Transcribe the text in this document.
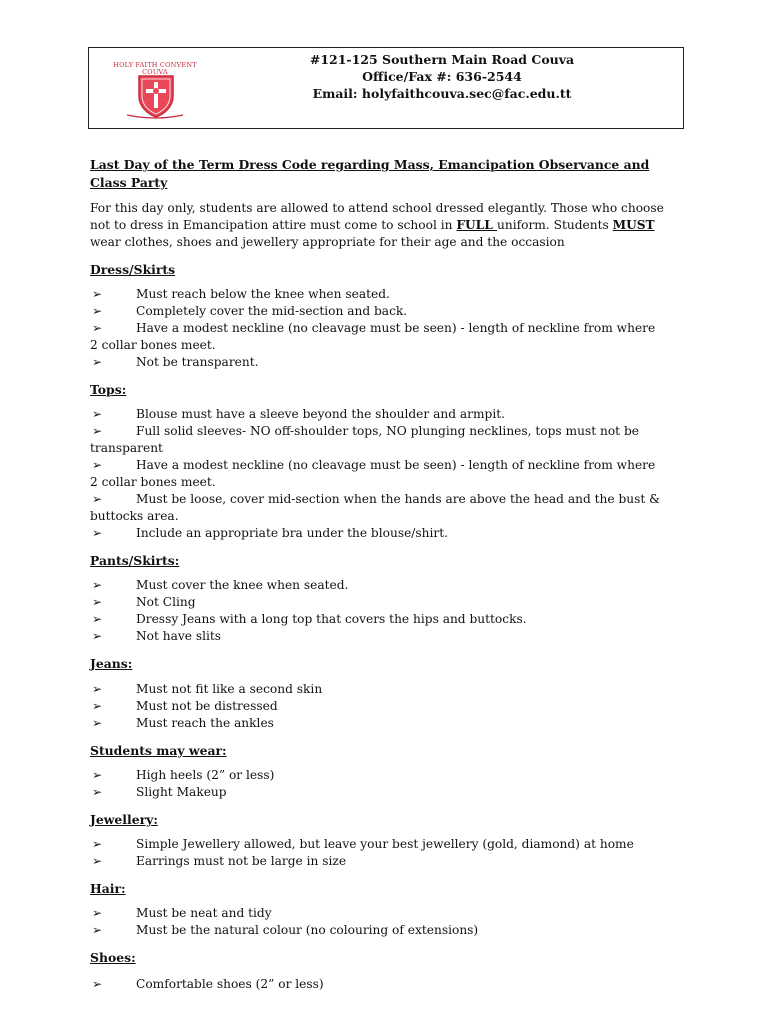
HOLY FAITH CONVENT
COUVA
#121-125 Southern Main Road Couva
Office/Fax #: 636-2544
Email: holyfaithcouva.sec@fac.edu.tt
Last Day of the Term Dress Code regarding Mass, Emancipation Observance and
Class Party
For this day only, students are allowed to attend school dressed elegantly. Those who choose
not to dress in Emancipation attire must come to school in FULL uniform. Students MUST
wear clothes, shoes and jewellery appropriate for their age and the occasion
Dress/Skirts
➢	Must reach below the knee when seated.
➢	Completely cover the mid-section and back.
➢	Have a modest neckline (no cleavage must be seen) - length of neckline from where
2 collar bones meet.
➢	Not be transparent.
Tops:
➢	Blouse must have a sleeve beyond the shoulder and armpit.
➢	Full solid sleeves- NO off-shoulder tops, NO plunging necklines, tops must not be
transparent
➢	Have a modest neckline (no cleavage must be seen) - length of neckline from where
2 collar bones meet.
➢	Must be loose, cover mid-section when the hands are above the head and the bust &
buttocks area.
➢	Include an appropriate bra under the blouse/shirt.
Pants/Skirts:
➢	Must cover the knee when seated.
➢	Not Cling
➢	Dressy Jeans with a long top that covers the hips and buttocks.
➢	Not have slits
Jeans:
➢	Must not fit like a second skin
➢	Must not be distressed
➢	Must reach the ankles
Students may wear:
➢	High heels (2” or less)
➢	Slight Makeup
Jewellery:
➢	Simple Jewellery allowed, but leave your best jewellery (gold, diamond) at home
➢	Earrings must not be large in size
Hair:
➢	Must be neat and tidy
➢	Must be the natural colour (no colouring of extensions)
Shoes:
➢	Comfortable shoes (2” or less)
